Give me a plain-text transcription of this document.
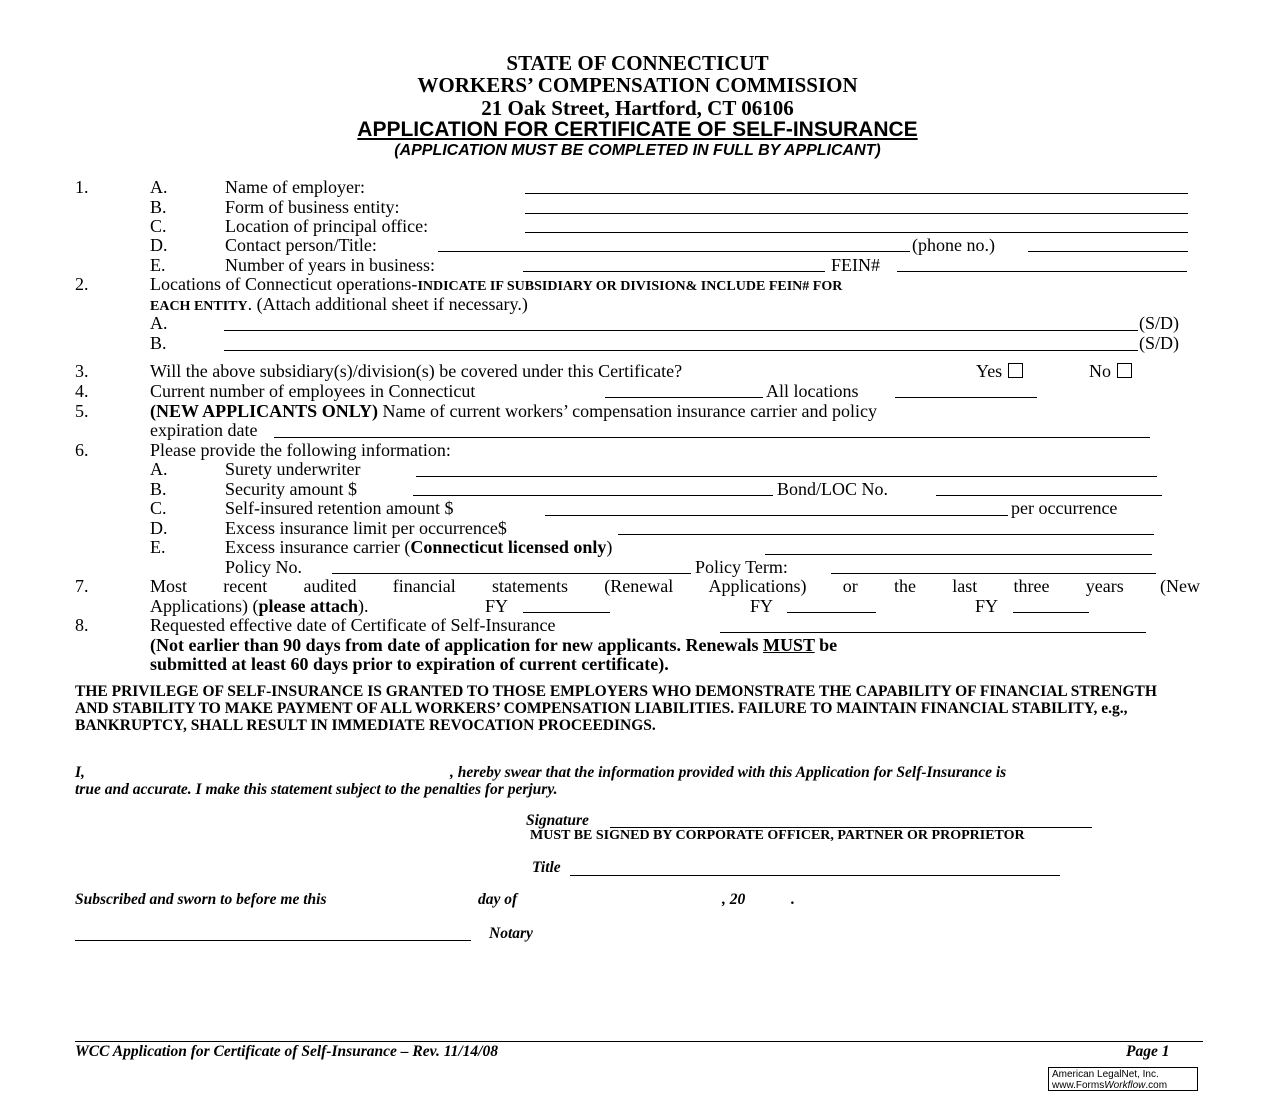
STATE OF CONNECTICUT
WORKERS’ COMPENSATION COMMISSION
21 Oak Street, Hartford, CT 06106
APPLICATION FOR CERTIFICATE OF SELF-INSURANCE
(APPLICATION MUST BE COMPLETED IN FULL BY APPLICANT)
1.	A.	Name of employer:
B.	Form of business entity:
C.	Location of principal office:
D.	Contact person/Title:	(phone no.)
E.	Number of years in business:	FEIN#
2.	Locations of Connecticut operations-INDICATE IF SUBSIDIARY OR DIVISION& INCLUDE FEIN# FOR
EACH ENTITY. (Attach additional sheet if necessary.)
A.	(S/D)
B.	(S/D)
3.	Will the above subsidiary(s)/division(s) be covered under this Certificate?	Yes	No
4.	Current number of employees in Connecticut	All locations
5.	(NEW APPLICANTS ONLY) Name of current workers’ compensation insurance carrier and policy
expiration date
6.	Please provide the following information:
A.	Surety underwriter
B.	Security amount $	Bond/LOC No.
C.	Self-insured retention amount $	per occurrence
D.	Excess insurance limit per occurrence$
E.	Excess insurance carrier (Connecticut licensed only)
Policy No.	Policy Term:
7.	Most recent audited financial statements (Renewal Applications) or the last three years (New
Applications) (please attach).	FY	FY	FY
8.	Requested effective date of Certificate of Self-Insurance
(Not earlier than 90 days from date of application for new applicants. Renewals MUST be
submitted at least 60 days prior to expiration of current certificate).
THE PRIVILEGE OF SELF-INSURANCE IS GRANTED TO THOSE EMPLOYERS WHO DEMONSTRATE THE CAPABILITY OF FINANCIAL STRENGTH AND STABILITY TO MAKE PAYMENT OF ALL WORKERS’ COMPENSATION LIABILITIES. FAILURE TO MAINTAIN FINANCIAL STABILITY, e.g., BANKRUPTCY, SHALL RESULT IN IMMEDIATE REVOCATION PROCEEDINGS.
I,	, hereby swear that the information provided with this Application for Self-Insurance is
true and accurate. I make this statement subject to the penalties for perjury.
Signature
MUST BE SIGNED BY CORPORATE OFFICER, PARTNER OR PROPRIETOR
Title
Subscribed and sworn to before me this	day of	, 20	.
Notary
WCC Application for Certificate of Self-Insurance – Rev. 11/14/08	Page 1
American LegalNet, Inc.
www.FormsWorkflow.com
